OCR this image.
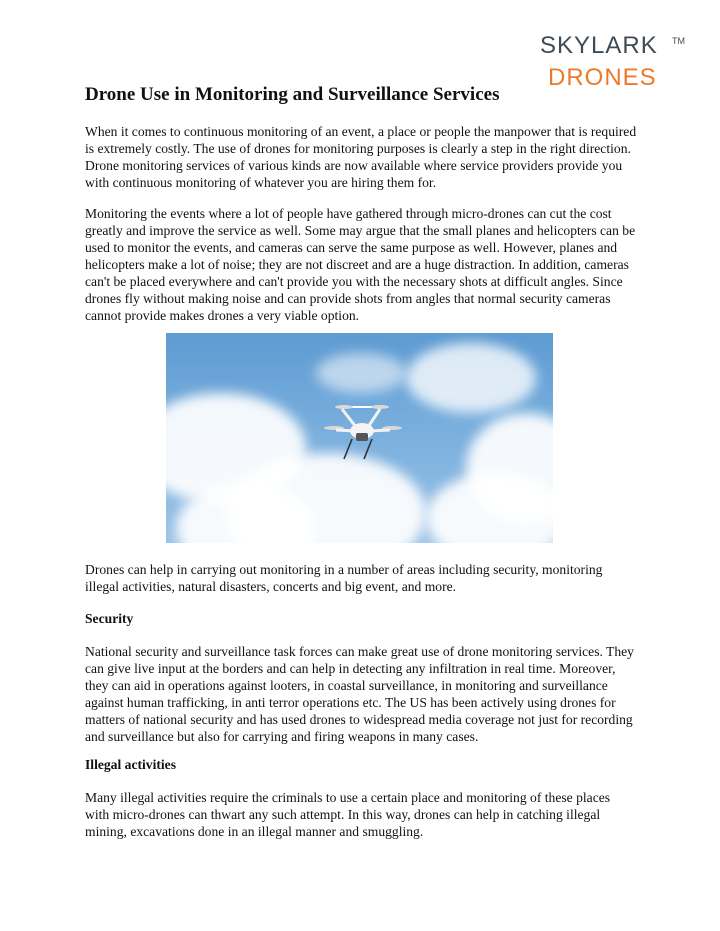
SKYLARK TM
DRONES
Drone Use in Monitoring and Surveillance Services

When it comes to continuous monitoring of an event, a place or people the manpower that is required is extremely costly. The use of drones for monitoring purposes is clearly a step in the right direction. Drone monitoring services of various kinds are now available where service providers provide you with continuous monitoring of whatever you are hiring them for.

Monitoring the events where a lot of people have gathered through micro-drones can cut the cost greatly and improve the service as well. Some may argue that the small planes and helicopters can be used to monitor the events, and cameras can serve the same purpose as well. However, planes and helicopters make a lot of noise; they are not discreet and are a huge distraction. In addition, cameras can't be placed everywhere and can't provide you with the necessary shots at difficult angles. Since drones fly without making noise and can provide shots from angles that normal security cameras cannot provide makes drones a very viable option.

Drones can help in carrying out monitoring in a number of areas including security, monitoring illegal activities, natural disasters, concerts and big event, and more.

Security

National security and surveillance task forces can make great use of drone monitoring services. They can give live input at the borders and can help in detecting any infiltration in real time. Moreover, they can aid in operations against looters, in coastal surveillance, in monitoring and surveillance against human trafficking, in anti terror operations etc. The US has been actively using drones for matters of national security and has used drones to widespread media coverage not just for recording and surveillance but also for carrying and firing weapons in many cases.

Illegal activities

Many illegal activities require the criminals to use a certain place and monitoring of these places with micro-drones can thwart any such attempt. In this way, drones can help in catching illegal mining, excavations done in an illegal manner and smuggling.
